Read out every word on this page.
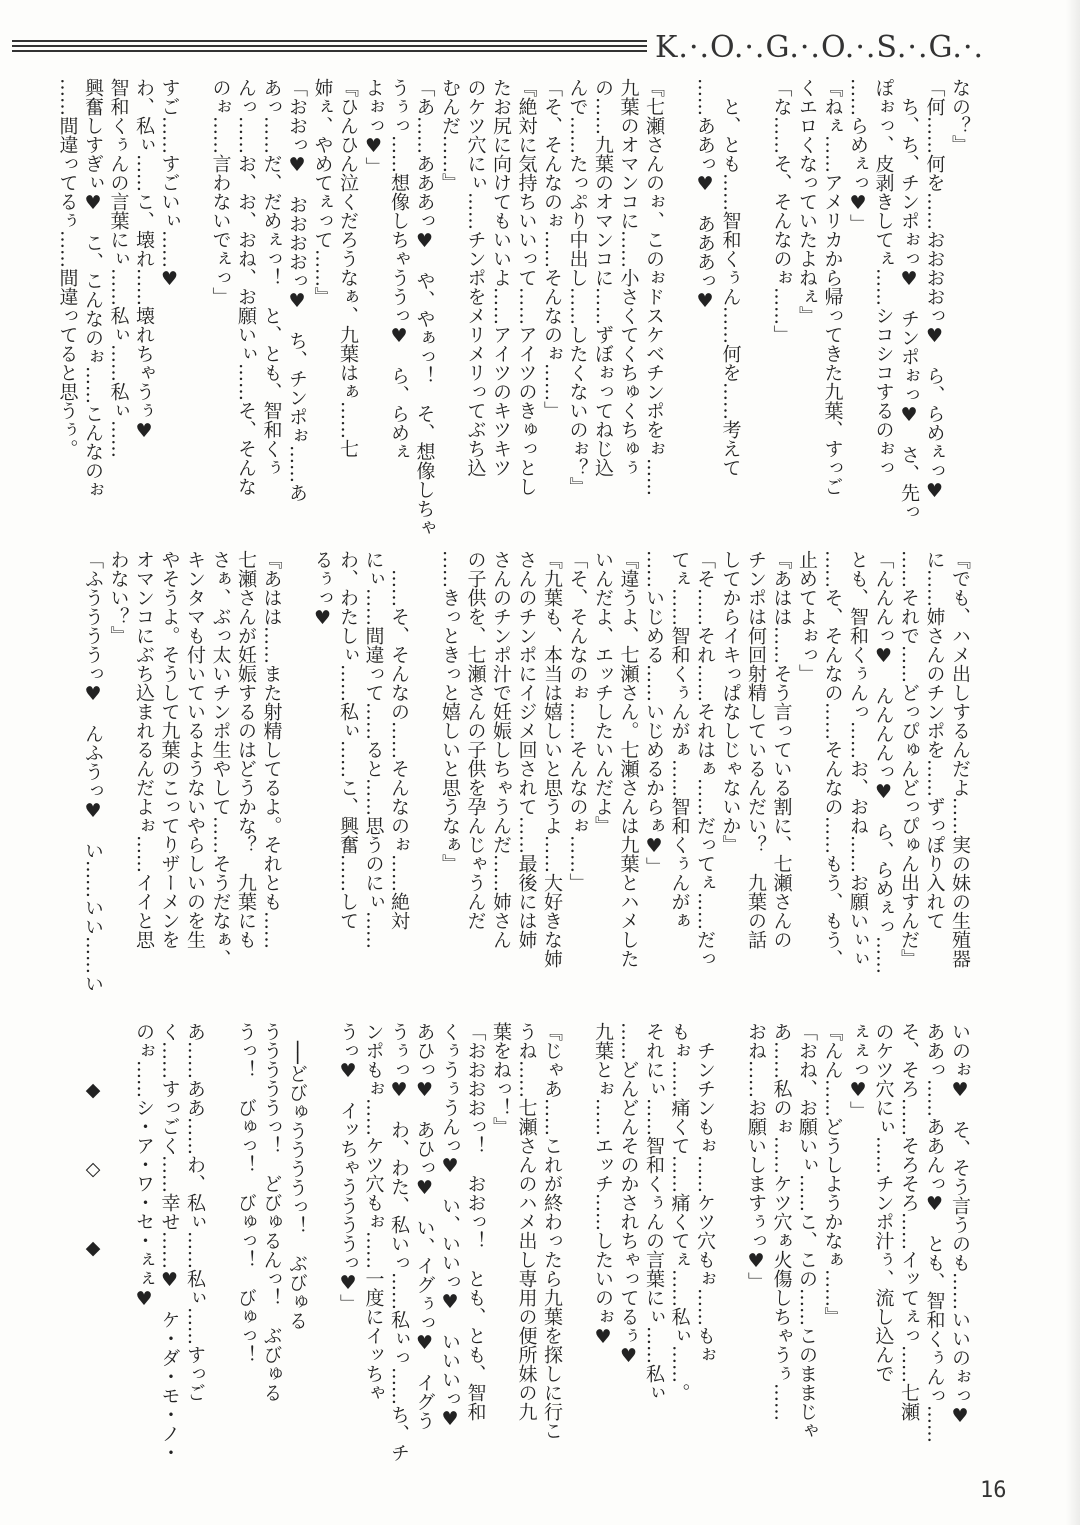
K.·.O.·.G.·.O.·.S.·.G.·.
なの？』
「何……何を……おおおおっ♥　ら、らめぇっ♥
　ち、ち、チンポぉっ♥　チンポぉっ♥　さ、先っ
ぽぉっ、皮剥きしてぇ……シコシコするのぉっ
……らめぇっ♥」
『ねぇ……アメリカから帰ってきた九葉、すっご
くエロくなっていたよねぇ』
「な……そ、そんなのぉ……」

　と、とも……智和くぅん……何を……考えて
……ああっ♥　あああっ♥

『七瀬さんのぉ、このぉドスケベチンポをぉ……
九葉のオマンコに……小さくてくちゅくちゅぅ
の……九葉のオマンコに……ずぼぉってねじ込
んで……たっぷり中出し……したくないのぉ？』
「そ、そんなのぉ……そんなのぉ……」
『絶対に気持ちいいって……アイツのきゅっとし
たお尻に向けてもいいよ……アイツのキツキツ
のケツ穴にぃ……チンポをメリメリってぶち込
むんだ……』
「あ……あああっ♥　や、やぁっ！　そ、想像しちゃ
うぅっ……想像しちゃううっ♥　ら、らめぇ
よぉっ♥」
『ひんひん泣くだろうなぁ、九葉はぁ……七
姉ぇ、やめてぇって……』
「おおっ♥　おおおおっ♥　ち、チンポぉ……あ
あっ……だ、だめぇっ！　と、とも、智和くぅ
んっ……お、お、おね、お願いぃ……そ、そんな
のぉ……言わないでぇっ」

すご……すごいぃ……♥
わ、私ぃ……こ、壊れ……壊れちゃうぅ♥
智和くぅんの言葉にぃ……私ぃ……私ぃ……
興奮しすぎぃ♥　こ、こんなのぉ……こんなのぉ
……間違ってるぅ……間違ってると思うぅ。
『でも、ハメ出しするんだよ……実の妹の生殖器
に……姉さんのチンポを……ずっぽり入れて
……それで……どっぴゅんどっぴゅん出すんだ』
「んんんっ♥　んんんんっ♥　ら、らめぇっ……
とも、智和くぅんっ……お、おね……お願いぃぃ
……そ、そんなの……そんなの……もう、もう、
止めてよぉっ」
『あはは……そう言っている割に、七瀬さんの
チンポは何回射精しているんだい？　九葉の話
してからイキっぱなしじゃないか』
「そ……それ……それはぁ……だってぇ……だっ
てぇ……智和くぅんがぁ……智和くぅんがぁ
……いじめる……いじめるからぁ♥」
『違うよ、七瀬さん。七瀬さんは九葉とハメした
いんだよ、エッチしたいんだよ』
「そ、そんなのぉ……そんなのぉ……」
『九葉も、本当は嬉しいと思うよ……大好きな姉
さんのチンポにイジメ回されて……最後には姉
さんのチンポ汁で妊娠しちゃうんだ……姉さん
の子供を、七瀬さんの子供を孕んじゃうんだ
……きっときっと嬉しいと思うなぁ』

　……そ、そんなの……そんなのぉ……絶対
にぃ……間違って……ると……思うのにぃ……
わ、わたしぃ……私ぃ……こ、興奮……して
るぅっ♥

『あはは……また射精してるよ。それとも……
七瀬さんが妊娠するのはどうかな？　九葉にも
さぁ、ぶっ太いチンポ生やして……そうだなぁ、
キンタマも付いているようないやらしいのを生
やそうよ。そうして九葉のこってりザーメンを
オマンコにぶち込まれるんだよぉ……イイと思
わない？』
「ふううううっ♥　んふうっ♥　い……いい……い
いのぉ♥　そ、そう言うのも……いいのぉっ♥
ああっ……ああんっ♥　とも、智和くぅんっ……
そ、そろ……そろそろ……イッてぇっ……七瀬
のケツ穴にぃ……チンポ汁ぅ、流し込んで
ぇぇっ♥」
『んん……どうしようかなぁ……』
「おね、お願いぃ……こ、この……このままじゃ
あ……私のぉ……ケツ穴ぁ火傷しちゃうぅ……
おね……お願いしますぅっ♥」

　チンチンもぉ……ケツ穴もぉ……もぉ
もぉ……痛くて……痛くてぇ……私ぃ……。
それにぃ……智和くぅんの言葉にぃ……私ぃ
……どんどんそのかされちゃってるぅ♥
九葉とぉ……エッチ……したいのぉ♥

『じゃあ……これが終わったら九葉を探しに行こ
うね……七瀬さんのハメ出し専用の便所妹の九
葉をねっ！』
「おおおおっ！　おおっ！　とも、とも、智和
くぅうぅうんっ♥　い、いいっ♥　いいいっ♥
あひっ♥　あひっ♥　い、イグぅっ♥　イグう
うぅっ♥　わ、わた、私いっ……私ぃっ……ち、チ
ンポもぉ……ケツ穴もぉ……一度にイッちゃ
うっ♥　イッちゃううううっ♥」

　──どびゅううううっ！　ぶびゅる
うううううっ！　どびゅるんっ！　ぶびゅる
うっ！　びゅっ！　びゅっ！　びゅっ！

あ……ああ……わ、私ぃ……私ぃ……すっご
く……すっごく……幸せ……♥　ケ・ダ・モ・ノ・
のぉ……シ・ア・ワ・セ・ぇぇ♥

　　　◆　　　◇　　　◆
16
